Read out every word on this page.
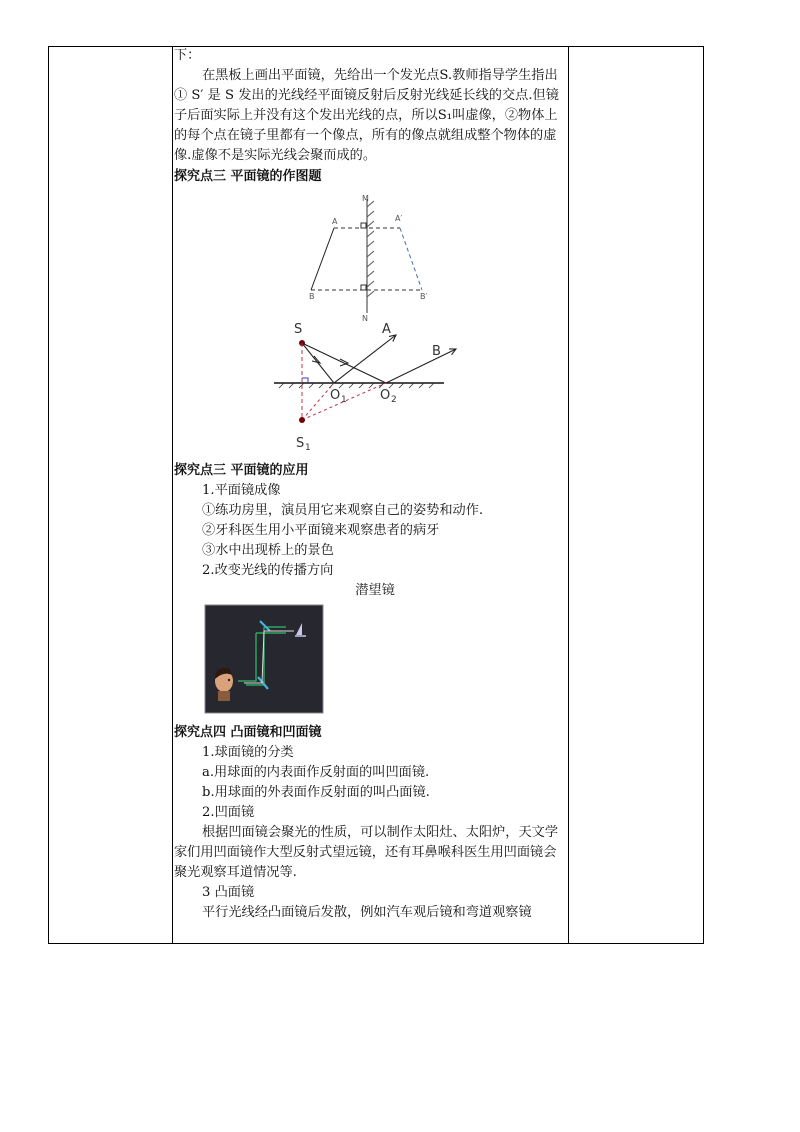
下：

在黑板上画出平面镜，先给出一个发光点S.教师指导学生指出① S′ 是 S 发出的光线经平面镜反射后反射光线延长线的交点.但镜子后面实际上并没有这个发出光线的点，所以S₁叫虚像，②物体上的每个点在镜子里都有一个像点，所有的像点就组成整个物体的虚像.虚像不是实际光线会聚而成的。

探究点三 平面镜的作图题

A	A′
B	B′
M
N
S	A
B
O 1	O 2
S 1

探究点三 平面镜的应用

1.平面镜成像

①练功房里，演员用它来观察自己的姿势和动作.

②牙科医生用小平面镜来观察患者的病牙

③水中出现桥上的景色

2.改变光线的传播方向

潜望镜

探究点四 凸面镜和凹面镜

1.球面镜的分类

a.用球面的内表面作反射面的叫凹面镜.

b.用球面的外表面作反射面的叫凸面镜.

2.凹面镜

根据凹面镜会聚光的性质，可以制作太阳灶、太阳炉，天文学家们用凹面镜作大型反射式望远镜，还有耳鼻喉科医生用凹面镜会聚光观察耳道情况等.

3 凸面镜

平行光线经凸面镜后发散，例如汽车观后镜和弯道观察镜
